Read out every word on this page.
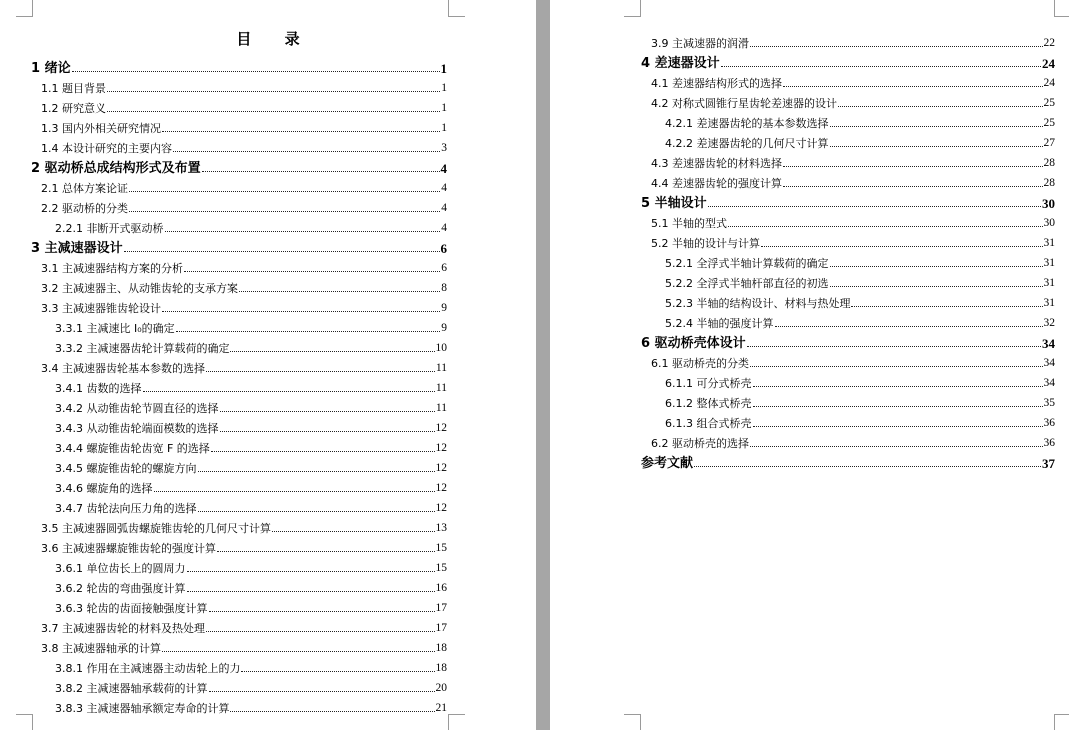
目 录
1 绪论	1
1.1 题目背景	1
1.2 研究意义	1
1.3 国内外相关研究情况	1
1.4 本设计研究的主要内容	3
2 驱动桥总成结构形式及布置	4
2.1 总体方案论证	4
2.2 驱动桥的分类	4
2.2.1 非断开式驱动桥	4
3 主减速器设计	6
3.1 主减速器结构方案的分析	6
3.2 主减速器主、从动锥齿轮的支承方案	8
3.3 主减速器锥齿轮设计	9
3.3.1 主减速比 I₀的确定	9
3.3.2 主减速器齿轮计算载荷的确定	10
3.4 主减速器齿轮基本参数的选择	11
3.4.1 齿数的选择	11
3.4.2 从动锥齿轮节圆直径的选择	11
3.4.3 从动锥齿轮端面模数的选择	12
3.4.4 螺旋锥齿轮齿宽 F 的选择	12
3.4.5 螺旋锥齿轮的螺旋方向	12
3.4.6 螺旋角的选择	12
3.4.7 齿轮法向压力角的选择	12
3.5 主减速器圆弧齿螺旋锥齿轮的几何尺寸计算	13
3.6 主减速器螺旋锥齿轮的强度计算	15
3.6.1 单位齿长上的圆周力	15
3.6.2 轮齿的弯曲强度计算	16
3.6.3 轮齿的齿面接触强度计算	17
3.7 主减速器齿轮的材料及热处理	17
3.8 主减速器轴承的计算	18
3.8.1 作用在主减速器主动齿轮上的力	18
3.8.2 主减速器轴承载荷的计算	20
3.8.3 主减速器轴承额定寿命的计算	21
3.9 主减速器的润滑	22
4 差速器设计	24
4.1 差速器结构形式的选择	24
4.2 对称式圆锥行星齿轮差速器的设计	25
4.2.1 差速器齿轮的基本参数选择	25
4.2.2 差速器齿轮的几何尺寸计算	27
4.3 差速器齿轮的材料选择	28
4.4 差速器齿轮的强度计算	28
5 半轴设计	30
5.1 半轴的型式	30
5.2 半轴的设计与计算	31
5.2.1 全浮式半轴计算载荷的确定	31
5.2.2 全浮式半轴杆部直径的初选	31
5.2.3 半轴的结构设计、材料与热处理	31
5.2.4 半轴的强度计算	32
6 驱动桥壳体设计	34
6.1 驱动桥壳的分类	34
6.1.1 可分式桥壳	34
6.1.2 整体式桥壳	35
6.1.3 组合式桥壳	36
6.2 驱动桥壳的选择	36
参考文献	37
